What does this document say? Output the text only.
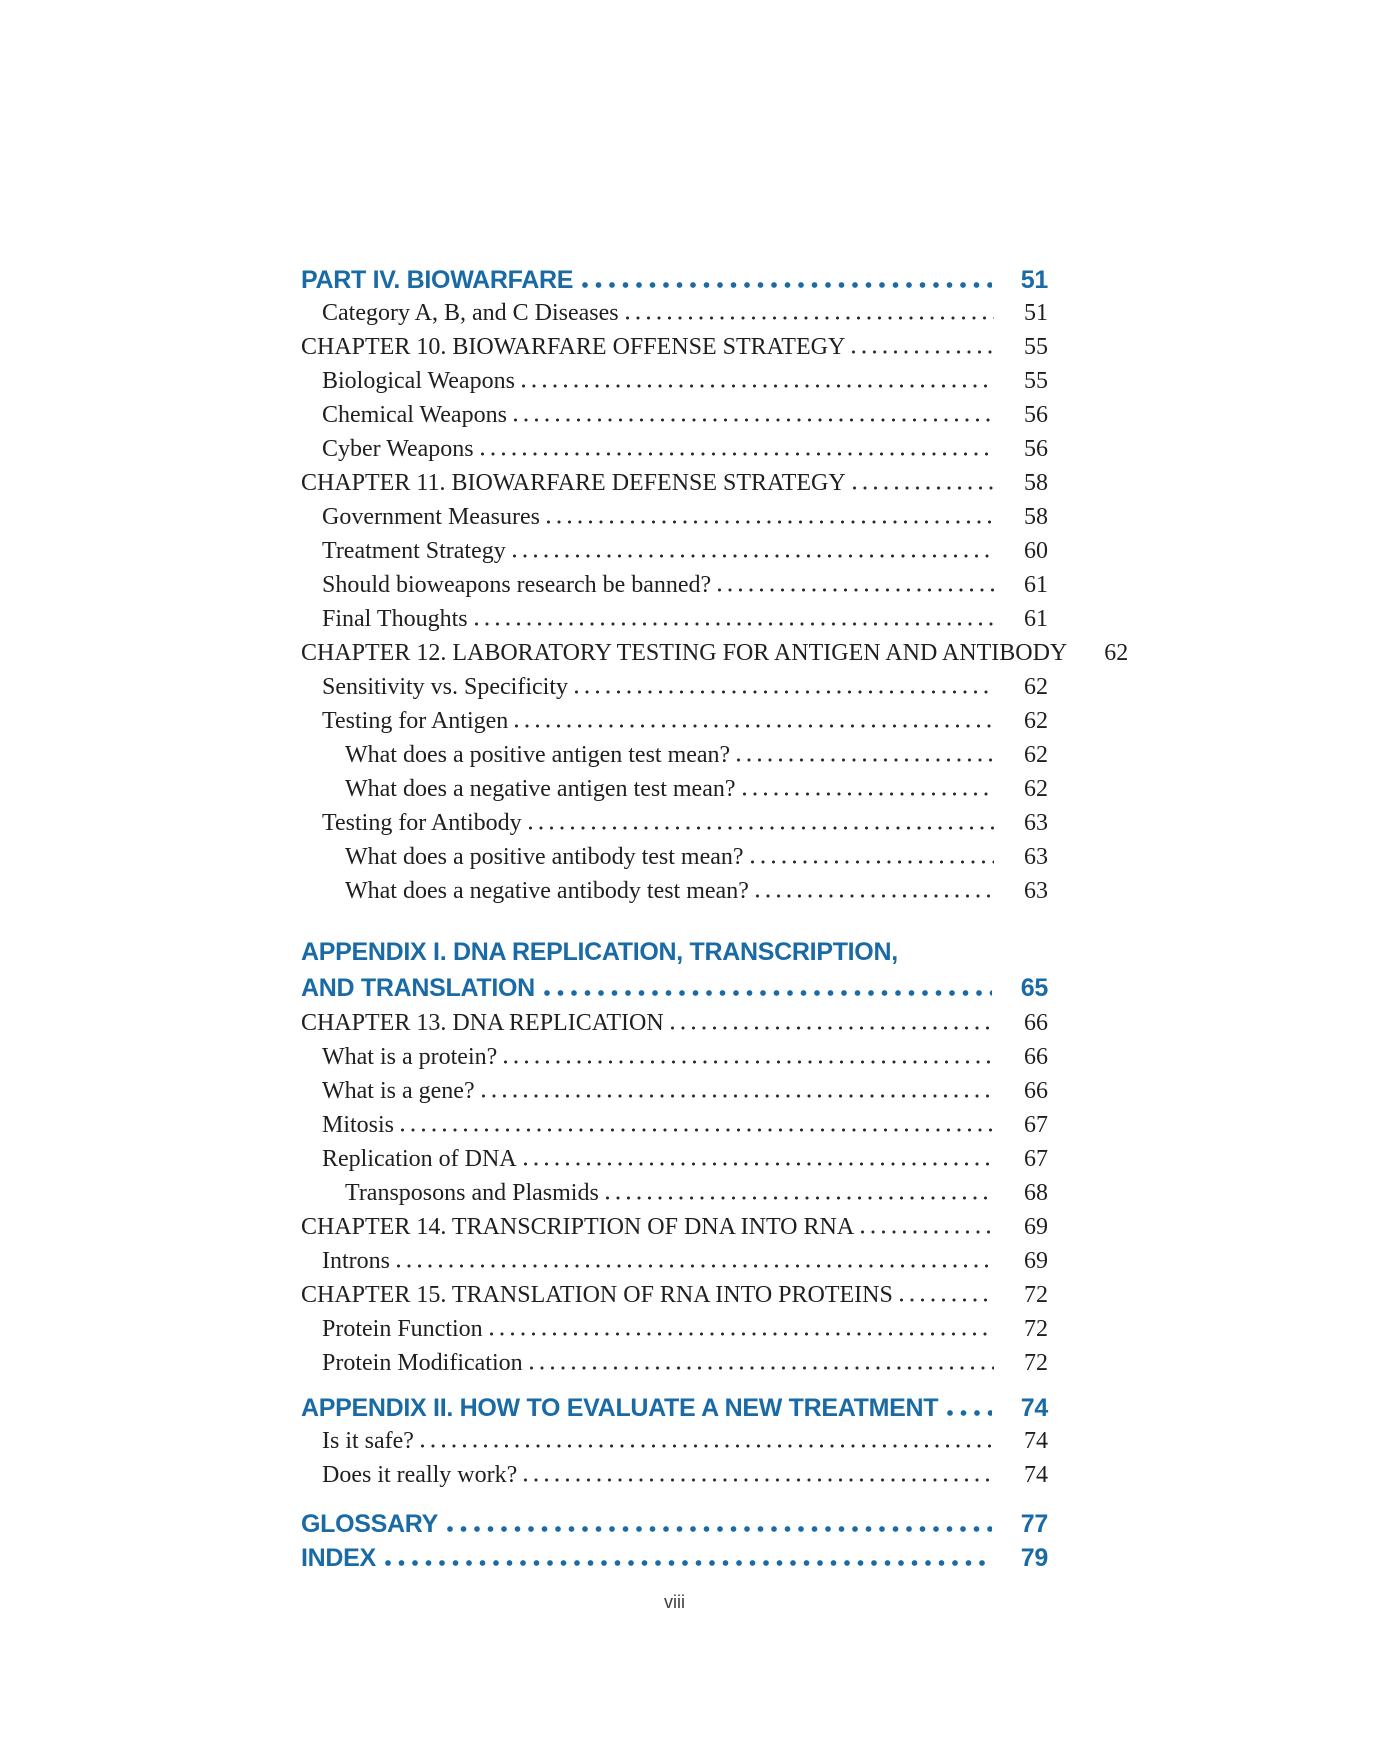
PART IV. BIOWARFARE	51
Category A, B, and C Diseases	51
CHAPTER 10. BIOWARFARE OFFENSE STRATEGY	55
Biological Weapons	55
Chemical Weapons	56
Cyber Weapons	56
CHAPTER 11. BIOWARFARE DEFENSE STRATEGY	58
Government Measures	58
Treatment Strategy	60
Should bioweapons research be banned?	61
Final Thoughts	61
CHAPTER 12. LABORATORY TESTING FOR ANTIGEN AND ANTIBODY	62
Sensitivity vs. Specificity	62
Testing for Antigen	62
What does a positive antigen test mean?	62
What does a negative antigen test mean?	62
Testing for Antibody	63
What does a positive antibody test mean?	63
What does a negative antibody test mean?	63
APPENDIX I. DNA REPLICATION, TRANSCRIPTION,
AND TRANSLATION	65
CHAPTER 13. DNA REPLICATION	66
What is a protein?	66
What is a gene?	66
Mitosis	67
Replication of DNA	67
Transposons and Plasmids	68
CHAPTER 14. TRANSCRIPTION OF DNA INTO RNA	69
Introns	69
CHAPTER 15. TRANSLATION OF RNA INTO PROTEINS	72
Protein Function	72
Protein Modification	72
APPENDIX II. HOW TO EVALUATE A NEW TREATMENT	74
Is it safe?	74
Does it really work?	74
GLOSSARY	77
INDEX	79
viii
